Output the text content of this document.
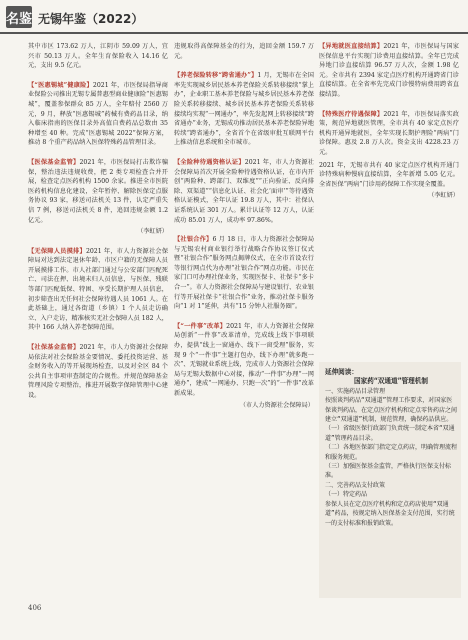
名鉴 无锡年鉴（2022）

其中市区 173.62 万人，江阴市 59.09 万人，宜兴市 50.13 万人。全年生育保险收入 14.16 亿元，支出 9.5 亿元。

【“医惠锡城”健康险】2021 年，市医保局指导商业保险公司推出无锡专属普惠型商业健康险“医惠锡城”，覆盖参保群众 85 万人，全年赔付 2560 万元，9 月，释放“医惠锡城”药械有费药品目录，纳入临床指南的医保目录外高值自费药品总数由 35 种增至 40 种。完成“医惠锡城 2022”保障方案，推动 8 个重产药品纳入医保特殊药品管理目录。

【医保基金监管】2021 年，市医保局打击欺诈骗保，整治违法违规收费，把 2 类专项检查合并开展，检查定点医药机构 1500 余家。推进全市医院医药机构信息化建设，全年暂停、解除医保定点服务协议 93 家，移送司法机关 13 件，认定严重失信 7 例，移送司法机关 8 件，追回违规金额 1.2 亿元。

（李虹妍）

【无保障人员摸排】2021 年，市人力资源社会保障局对达到法定退休年龄、市区户籍的无保障人员开展摸排工作。市人社部门通过与公安部门匹配死亡、司法在押、出境未归人员信息，与医保、残联等部门匹配低保、特困、享受长期护理人员信息，初步筛查出无任何社会保障待遇人员 1061 人。在此基础上，通过各街道（乡镇）1 个人员走访确立、入户走访，精准核实无社会保障人员 182 人，其中 166 人纳入养老保障范围。

【社保基金监督】2021 年，市人力资源社会保障局依法对社会保险基金要情况、委托投资运营、基金财务收入的等开展现场检查，以及对全区 84 个公共自主事项审查制定的合规性。并规范保障基金管理风险专项整治，推进开展数字保障管理中心建设。

违规取得高保障基金的行为，追回金额 159.7 万元。

【养老保险转移“跨省通办”】1 月，无锡市在全国率先实现城乡居民基本养老保险关系转移接续“掌上办”，企业职工基本养老保险与城乡居民基本养老保险关系转移接续、城乡居民基本养老保险关系转移接续均实现“一网通办”，率先发起网上转移接续“跨省通办”业务，无锡成功推动居民基本养老保险异地转续“跨省通办”，全省首个在省级审批互联网平台上推动信息系统和全市城市。

【全险种待遇资格认证】2021 年，市人力资源社会保障局首次开展全险种待遇资格认证，在市内开创“两险种、跨部门、双维度”“正向验证、反向排除、双渠道”“信息化认证、社会化‘面审’”等待遇资格认证模式，全年认证 19.8 万人，其中：社保认证系统认证 301 万人。累计认证等 12 万人，认证成功 85.01 万人，成功率 97.86%。

【社银合作】6 月 18 日，市人力资源社会保障局与无锡农村商业银行举行战略合作协议签订仪式暨“社银合作”服务网点揭牌仪式，在全市首设农行等银行网点代为办理“社银合作”网点功能。市民在家门口可办理社保业务，实现医保卡、社保卡“多卡合一”。市人力资源社会保障局与建设银行、农业银行等开展社保卡“社银合作”业务，推动社保卡服务向“1 对 1”延伸，共有“15 分钟人社服务圈”。

【“一件事”改革】2021 年，市人力资源社会保障局创新“一件事”改革清单，完成线上线下事项联办，提供“线上一窗通办、线下一窗受理”服务，实现 9 个“一件事”主题打包办，线下办理“就多跑一次”、无锡就业系统上线，完成市人力资源社会保障局与无锡大数据中心对接，推动“一件事”办理“一网通办”，建成“一网通办、只跑一次”的“一件事”改革新成果。

（市人力资源社会保障局）

【异地就医直接结算】2021 年，市医保局与国家医保信息平台实现门诊费用直接结算。全年已完成异地门诊直接结算 96.57 万人次，金额 1.98 亿元。全市共有 2394 家定点医疗机构开通跨省门诊直接结算。在全省率先完成门诊慢特病费用跨省直接结算。

【特殊医疗待遇保障】2021 年，市医保局落实政策，规范异地就医管理，全市共有 40 家定点医疗机构开通异地就医，全年实现长期护理险“两病”门诊保障。惠及 2.8 万人次。资金支出 4228.23 万元。

2021 年，无锡市共有 40 家定点医疗机构开通门诊特殊病种慢病直接结算，全年新增 5.05 亿元。全省医保“两病”门诊用药保障工作实现全覆盖。

（李虹妍）

延伸阅读：

国家药“双通道”管理机制

一、实施药品目录管理

按照谈判药品“双通道”管理工作要求，对国家医保谈判药品，在定点医疗机构和定点零售药店之间建立“双通道”机制，规范管理，确保药品供应。

（一）省级医保行政部门负责统一制定本省“双通道”管理药品目录。

（二）各地医保部门指定定点药店，明确管理流程和服务规范。

（三）加强医保基金监管，严格执行医保支付标准。

二、完善药品支付政策

（一）特定药品

参保人员在定点医疗机构和定点药店使用“双通道”药品，按规定纳入医保基金支付范围，实行统一的支付标准和报销政策。

406
